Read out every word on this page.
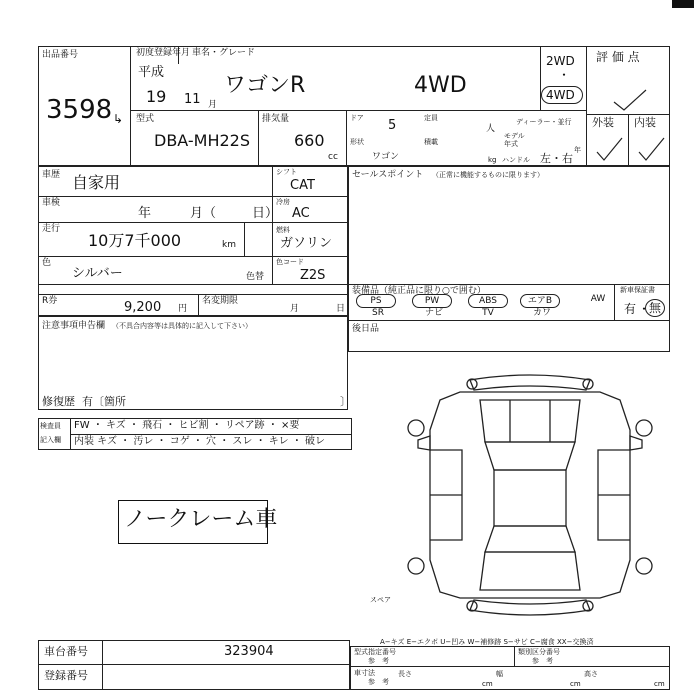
出品番号
3598 ↳
初度登録年月
平成
19 11 月
車名・グレード
ワゴンR	4WD
2WD
・
4WD
評 価 点
外装 内装
型式
DBA-MH22S
排気量
660
cc
ドア 5	定員
人
ディーラー・並行
形状
ワゴン
積載
kg
モデル
年式
年
ハンドル 左・右
車歴 自家用
シフト
CAT
車検
年	月（	日）
冷房
AC
走行
10万7千000	km
燃料
ガソリン
色
シルバー	色替
色コード
Z2S
R券	9,200 円
名変期限
月	日
セールスポイント （正常に機能するものに限ります）
装備品（純正品に限り○で囲む）
PS	PW	ABS	エアB	AW
SR	ナビ	TV	カワ
新車保証書
有 ・
無
後日品
注意事項申告欄 （不具合内容等は具体的に記入して下さい）
修復歴 有〔箇所	〕
検査員
記入欄
FW ・ キズ ・ 飛石 ・ ヒビ割 ・ リペア跡 ・ ×要
内装 キズ ・ 汚レ ・ コゲ ・ 穴 ・ スレ ・ キレ ・ 破レ
ノークレーム車
スペア
A−キズ E−エクボ U−凹み W−補修跡 S−サビ C−腐食 XX−交換済
車台番号	323904
登録番号
型式指定番号
参　考
類別区分番号
参　考
車寸法
参　考
長さ
cm
幅
cm
高さ
cm
